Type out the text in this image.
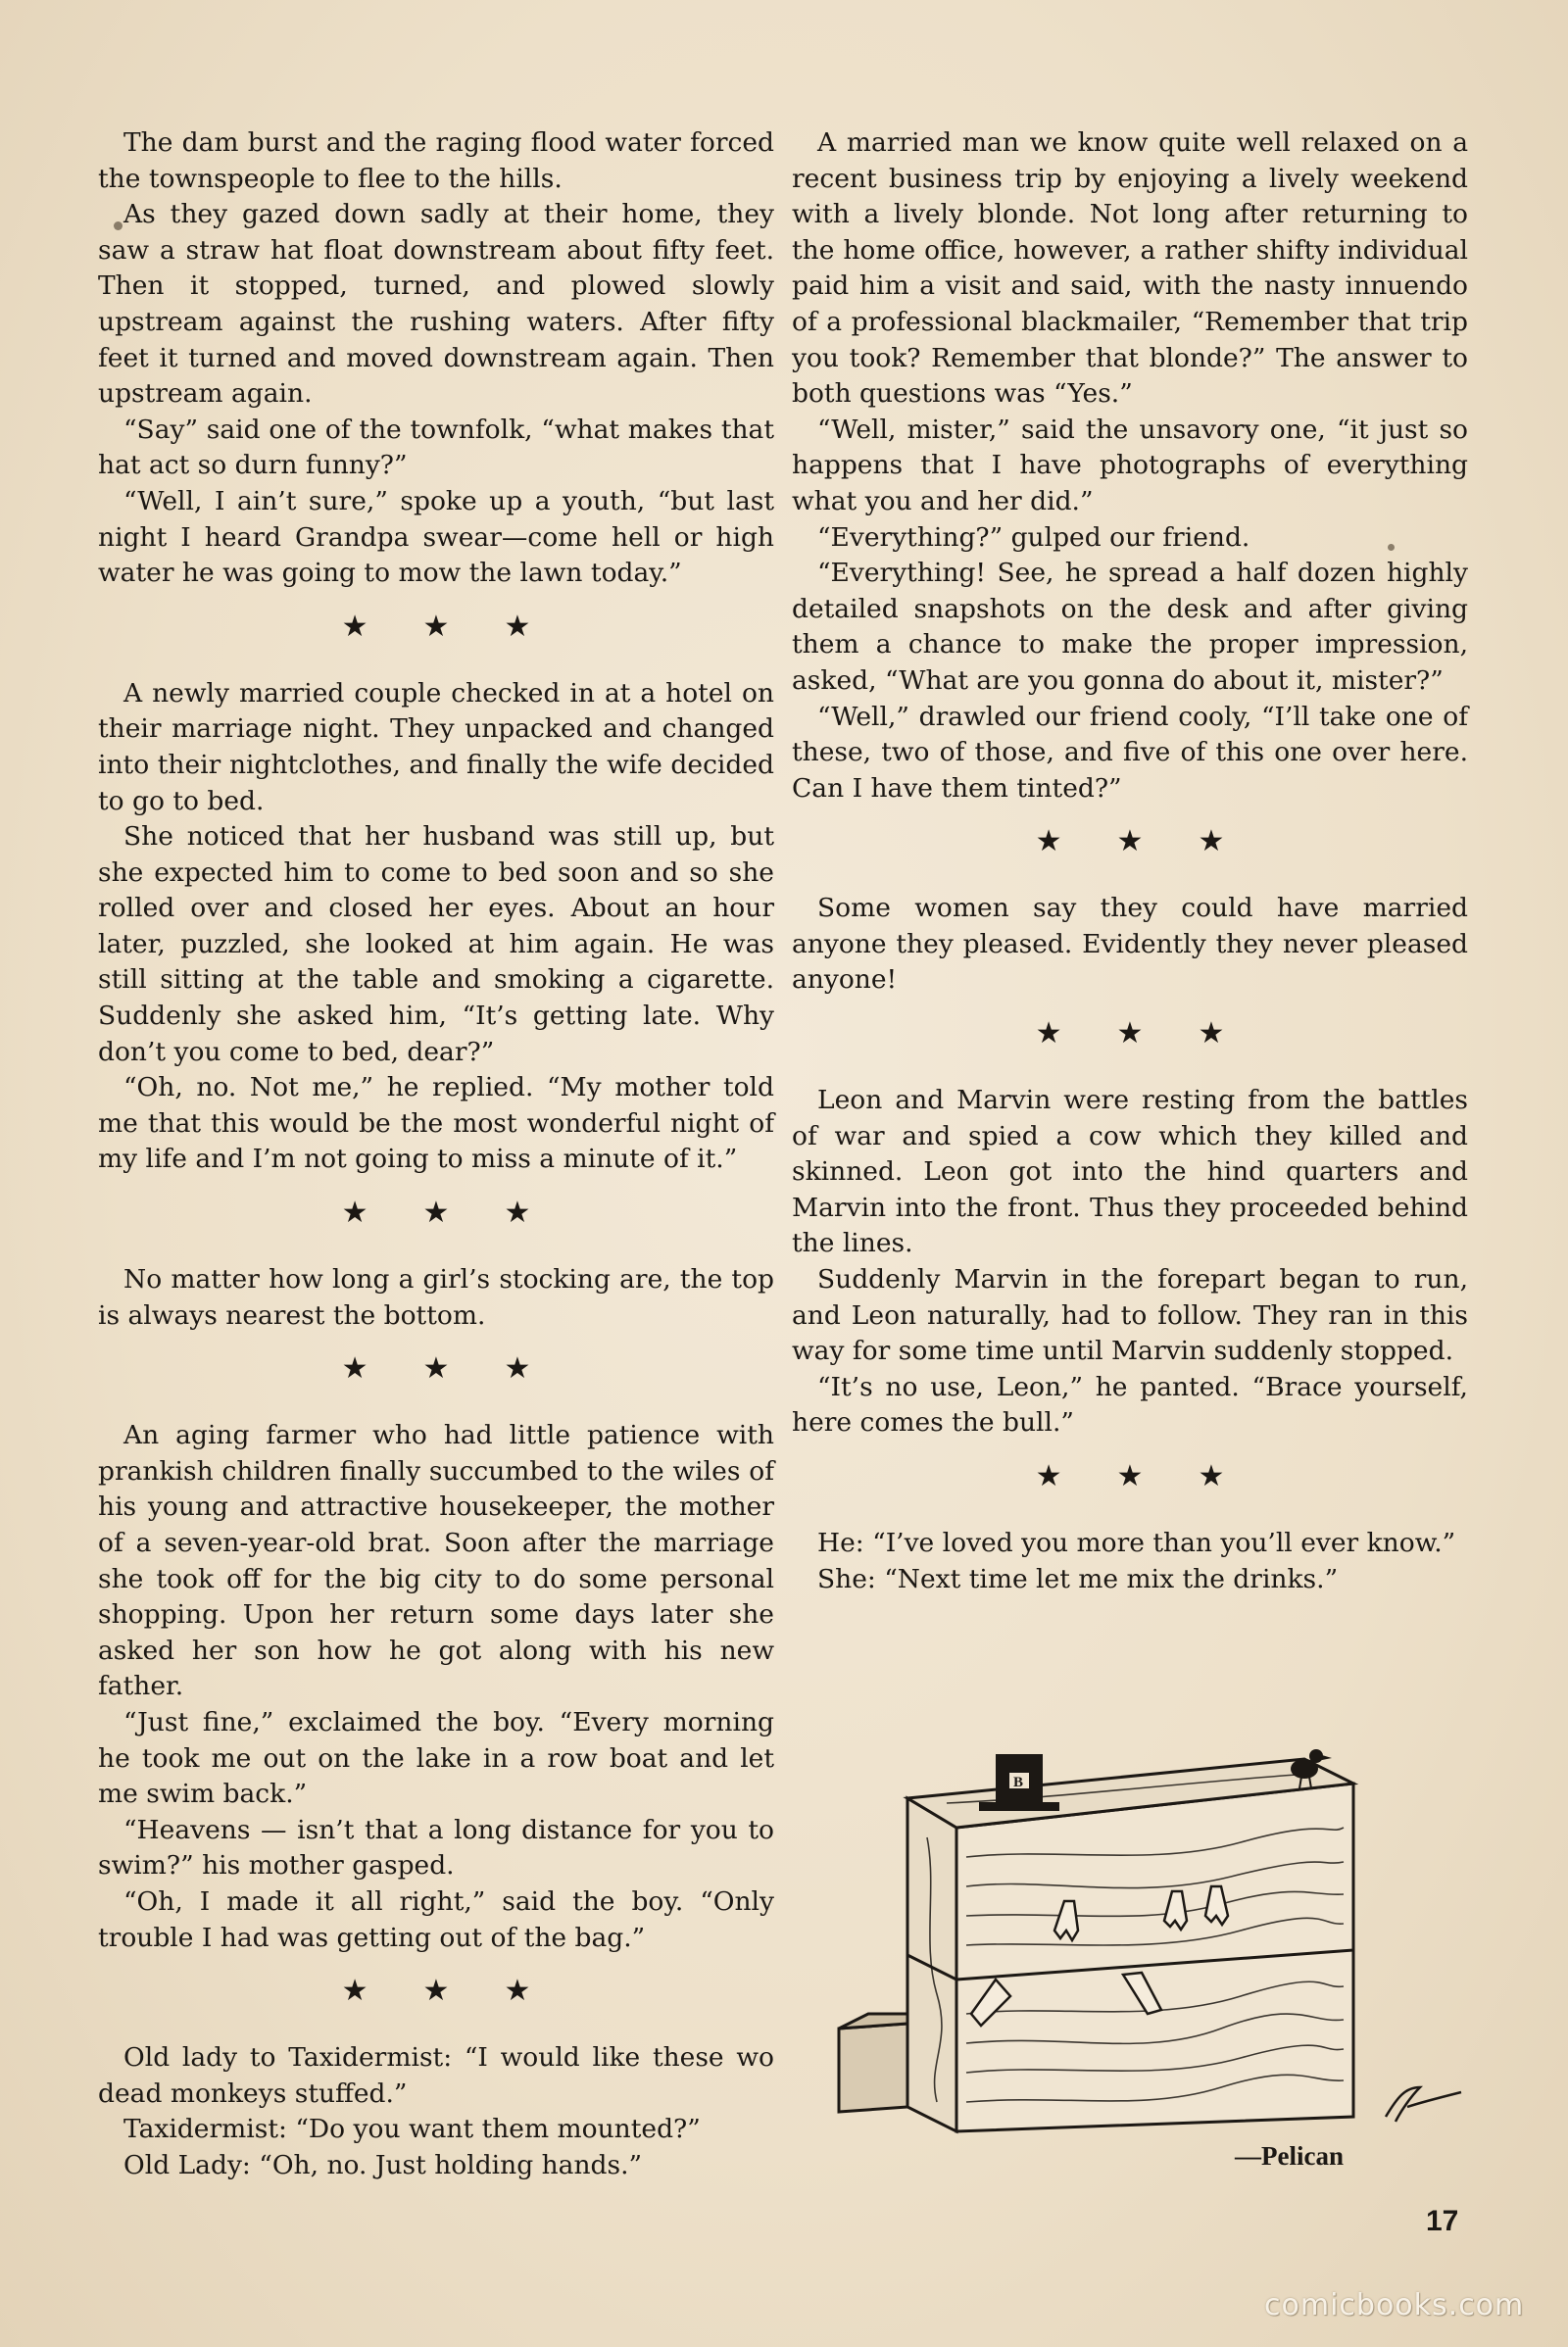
The dam burst and the raging flood water forced the townspeople to flee to the hills.

As they gazed down sadly at their home, they saw a straw hat float downstream about fifty feet. Then it stopped, turned, and plowed slowly upstream against the rushing waters. After fifty feet it turned and moved downstream again. Then upstream again.

“Say” said one of the townfolk, “what makes that hat act so durn funny?”

“Well, I ain’t sure,” spoke up a youth, “but last night I heard Grandpa swear—come hell or high water he was going to mow the lawn today.”

★★★

A newly married couple checked in at a hotel on their marriage night. They unpacked and changed into their nightclothes, and finally the wife decided to go to bed.

She noticed that her husband was still up, but she expected him to come to bed soon and so she rolled over and closed her eyes. About an hour later, puzzled, she looked at him again. He was still sitting at the table and smoking a cigarette. Suddenly she asked him, “It’s getting late. Why don’t you come to bed, dear?”

“Oh, no. Not me,” he replied. “My mother told me that this would be the most wonderful night of my life and I’m not going to miss a minute of it.”

★★★

No matter how long a girl’s stocking are, the top is always nearest the bottom.

★★★

An aging farmer who had little patience with prankish children finally succumbed to the wiles of his young and attractive housekeeper, the mother of a seven-year-old brat. Soon after the marriage she took off for the big city to do some personal shopping. Upon her return some days later she asked her son how he got along with his new father.

“Just fine,” exclaimed the boy. “Every morning he took me out on the lake in a row boat and let me swim back.”

“Heavens — isn’t that a long distance for you to swim?” his mother gasped.

“Oh, I made it all right,” said the boy. “Only trouble I had was getting out of the bag.”

★★★

Old lady to Taxidermist: “I would like these wo dead monkeys stuffed.”

Taxidermist: “Do you want them mounted?”

Old Lady: “Oh, no. Just holding hands.”

A married man we know quite well relaxed on a recent business trip by enjoying a lively weekend with a lively blonde. Not long after returning to the home office, however, a rather shifty individual paid him a visit and said, with the nasty innuendo of a professional blackmailer, “Remember that trip you took? Remember that blonde?” The answer to both questions was “Yes.”

“Well, mister,” said the unsavory one, “it just so happens that I have photographs of everything what you and her did.”

“Everything?” gulped our friend.

“Everything! See, he spread a half dozen highly detailed snapshots on the desk and after giving them a chance to make the proper impression, asked, “What are you gonna do about it, mister?”

“Well,” drawled our friend cooly, “I’ll take one of these, two of those, and five of this one over here. Can I have them tinted?”

★★★

Some women say they could have married anyone they pleased. Evidently they never pleased anyone!

★★★

Leon and Marvin were resting from the battles of war and spied a cow which they killed and skinned. Leon got into the hind quarters and Marvin into the front. Thus they proceeded behind the lines.

Suddenly Marvin in the forepart began to run, and Leon naturally, had to follow. They ran in this way for some time until Marvin suddenly stopped.

“It’s no use, Leon,” he panted. “Brace yourself, here comes the bull.”

★★★

He: “I’ve loved you more than you’ll ever know.”

She: “Next time let me mix the drinks.”

B
—Pelican
17
comicbooks.com
